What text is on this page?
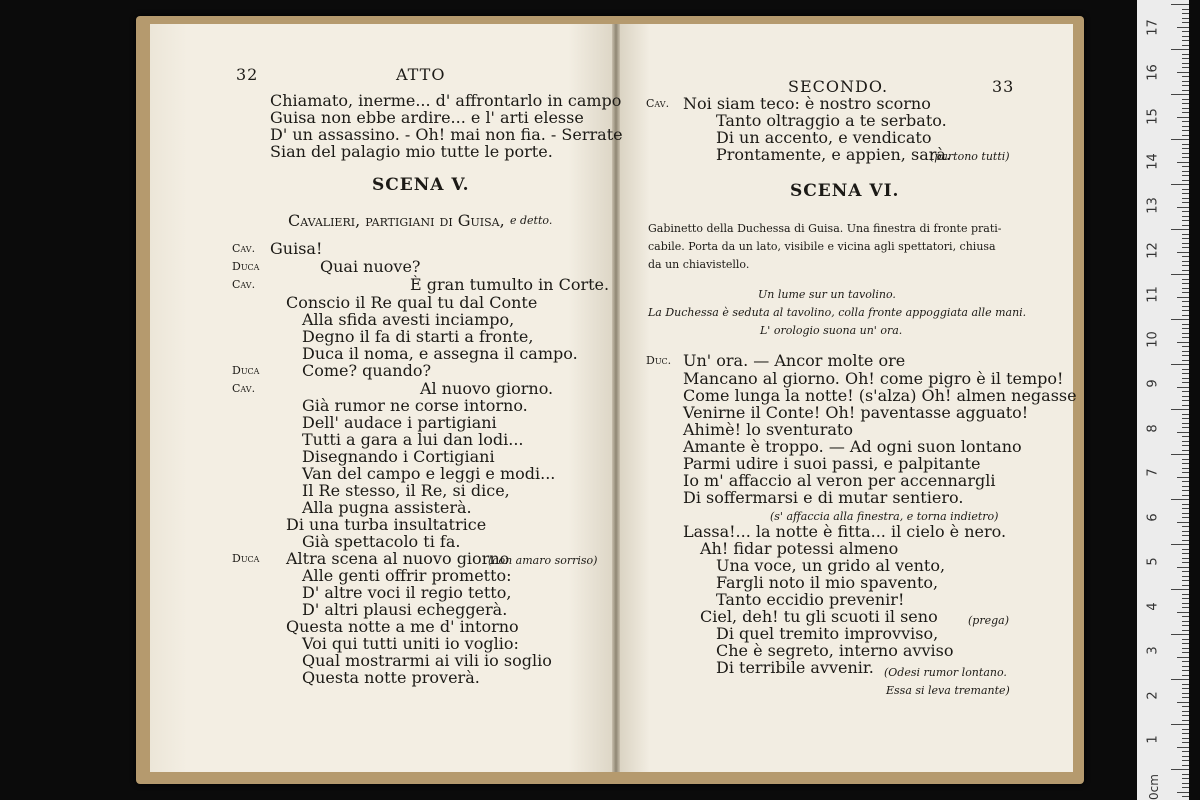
32	ATTO
Chiamato, inerme... d' affrontarlo in campo
Guisa non ebbe ardire... e l' arti elesse
D' un assassino. - Oh! mai non fia. - Serrate
Sian del palagio mio tutte le porte.
SCENA V.
Cavalieri, partigiani di Guisa, e detto.
Cav. Guisa!
Duca	Quai nuove?
Cav.	È gran tumulto in Corte.
Conscio il Re qual tu dal Conte
Alla sfida avesti inciampo,
Degno il fa di starti a fronte,
Duca il noma, e assegna il campo.
Duca	Come? quando?
Cav.	Al nuovo giorno.
Già rumor ne corse intorno.
Dell' audace i partigiani
Tutti a gara a lui dan lodi...
Disegnando i Cortigiani
Van del campo e leggi e modi...
Il Re stesso, il Re, si dice,
Alla pugna assisterà.
Di una turba insultatrice
Già spettacolo ti fa.
Duca Altra scena al nuovo giorno
(con amaro sorriso)
Alle genti offrir prometto:
D' altre voci il regio tetto,
D' altri plausi echeggerà.
Questa notte a me d' intorno
Voi qui tutti uniti io voglio:
Qual mostrarmi ai vili io soglio
Questa notte proverà.
SECONDO.	33
Cav. Noi siam teco: è nostro scorno
Tanto oltraggio a te serbato.
Di un accento, e vendicato
Prontamente, e appien, sarà.
(partono tutti)
SCENA VI.
Gabinetto della Duchessa di Guisa. Una finestra di fronte prati-
cabile. Porta da un lato, visibile e vicina agli spettatori, chiusa
da un chiavistello.
Un lume sur un tavolino.
La Duchessa è seduta al tavolino, colla fronte appoggiata alle mani.
L' orologio suona un' ora.
Duc. Un' ora. — Ancor molte ore
Mancano al giorno. Oh! come pigro è il tempo!
Come lunga la notte! (s'alza) Oh! almen negasse
Venirne il Conte! Oh! paventasse agguato!
Ahimè! lo sventurato
Amante è troppo. — Ad ogni suon lontano
Parmi udire i suoi passi, e palpitante
Io m' affaccio al veron per accennargli
Di soffermarsi e di mutar sentiero.
(s' affaccia alla finestra, e torna indietro)
Lassa!... la notte è fitta... il cielo è nero.
Ah! fidar potessi almeno
Una voce, un grido al vento,
Fargli noto il mio spavento,
Tanto eccidio prevenir!
Ciel, deh! tu gli scuoti il seno
Di quel tremito improvviso,
Che è segreto, interno avviso
Di terribile avvenir.
(prega)
(Odesi rumor lontano.
Essa si leva tremante)
17
16
15
14
13
12
11
10
9
8
7
6
5
4
3
2
1
0cm
